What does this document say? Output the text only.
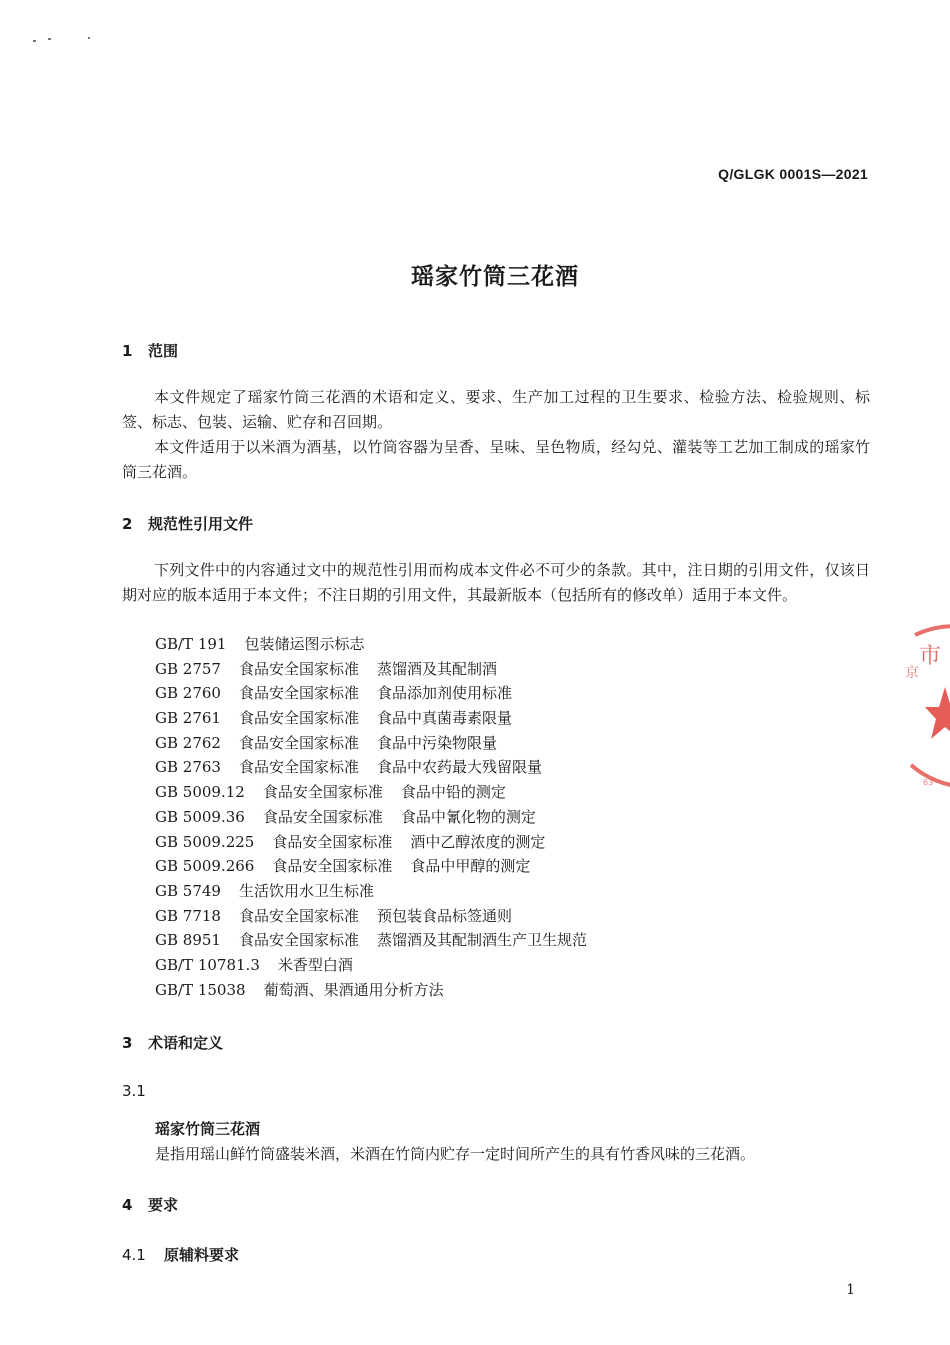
Q/GLGK 0001S—2021
瑶家竹筒三花酒
1 范围

本文件规定了瑶家竹筒三花酒的术语和定义、要求、生产加工过程的卫生要求、检验方法、检验规则、标签、标志、包装、运输、贮存和召回期。

本文件适用于以米酒为酒基，以竹筒容器为呈香、呈味、呈色物质，经勾兑、灌装等工艺加工制成的瑶家竹筒三花酒。

2 规范性引用文件

下列文件中的内容通过文中的规范性引用而构成本文件必不可少的条款。其中，注日期的引用文件，仅该日期对应的版本适用于本文件；不注日期的引用文件，其最新版本（包括所有的修改单）适用于本文件。

GB/T 191 包装储运图示标志
GB 2757 食品安全国家标准 蒸馏酒及其配制酒
GB 2760 食品安全国家标准 食品添加剂使用标准
GB 2761 食品安全国家标准 食品中真菌毒素限量
GB 2762 食品安全国家标准 食品中污染物限量
GB 2763 食品安全国家标准 食品中农药最大残留限量
GB 5009.12 食品安全国家标准 食品中铅的测定
GB 5009.36 食品安全国家标准 食品中氰化物的测定
GB 5009.225 食品安全国家标准 酒中乙醇浓度的测定
GB 5009.266 食品安全国家标准 食品中甲醇的测定
GB 5749 生活饮用水卫生标准
GB 7718 食品安全国家标准 预包装食品标签通则
GB 8951 食品安全国家标准 蒸馏酒及其配制酒生产卫生规范
GB/T 10781.3 米香型白酒
GB/T 15038 葡萄酒、果酒通用分析方法
3 术语和定义
3.1
瑶家竹筒三花酒
是指用瑶山鲜竹筒盛装米酒，米酒在竹筒内贮存一定时间所产生的具有竹香风味的三花酒。
4 要求
4.1 原辅料要求
1
市
京
63
